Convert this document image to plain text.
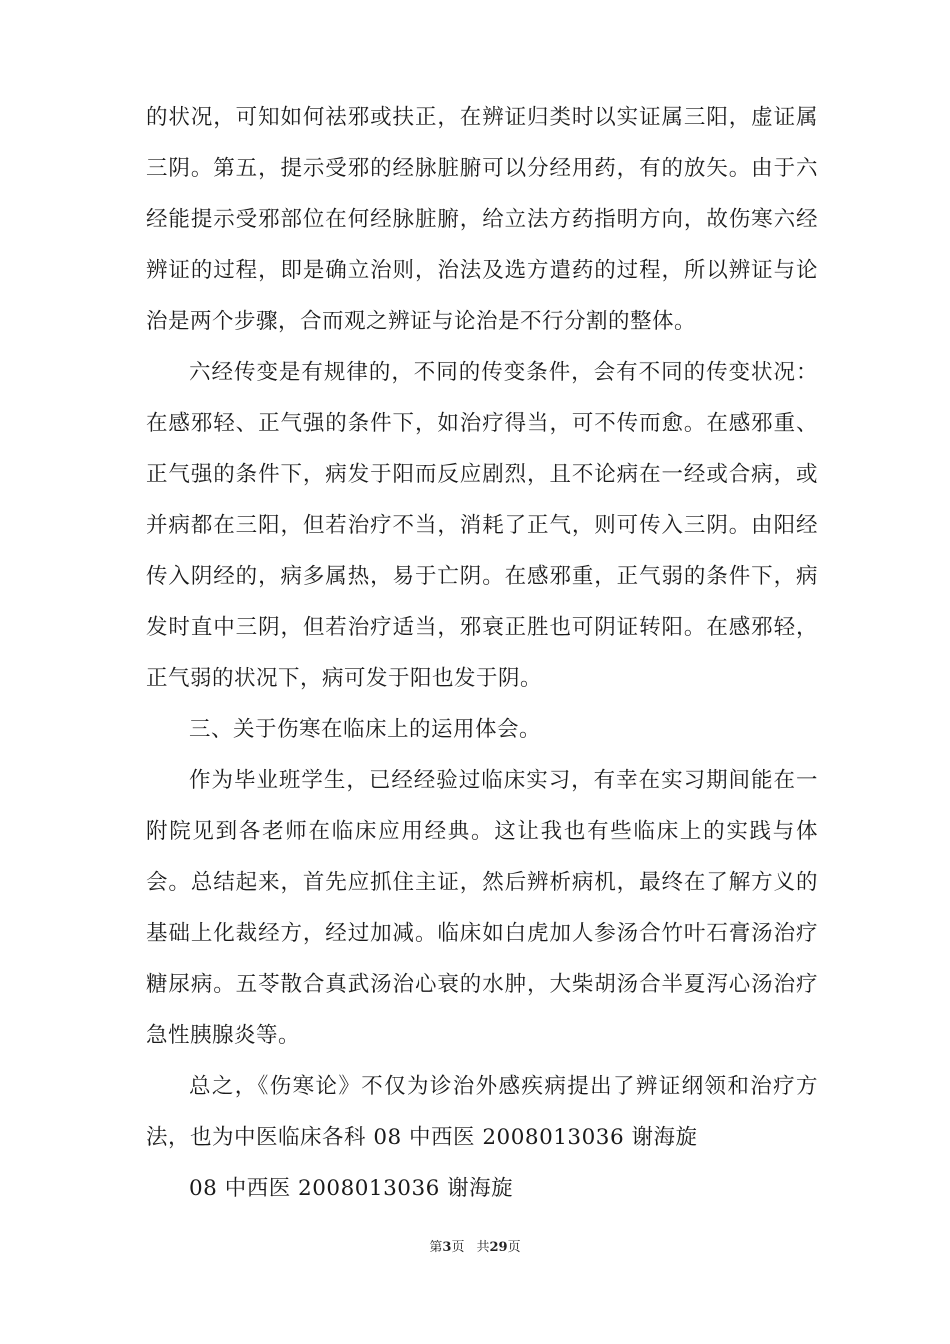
的状况，可知如何祛邪或扶正，在辨证归类时以实证属三阳，虚证属三阴。第五，提示受邪的经脉脏腑可以分经用药，有的放矢。由于六经能提示受邪部位在何经脉脏腑，给立法方药指明方向，故伤寒六经辨证的过程，即是确立治则，治法及选方遣药的过程，所以辨证与论治是两个步骤，合而观之辨证与论治是不行分割的整体。

六经传变是有规律的，不同的传变条件，会有不同的传变状况：在感邪轻、正气强的条件下，如治疗得当，可不传而愈。在感邪重、正气强的条件下，病发于阳而反应剧烈，且不论病在一经或合病，或并病都在三阳，但若治疗不当，消耗了正气，则可传入三阴。由阳经传入阴经的，病多属热，易于亡阴。在感邪重，正气弱的条件下，病发时直中三阴，但若治疗适当，邪衰正胜也可阴证转阳。在感邪轻，正气弱的状况下，病可发于阳也发于阴。

三、关于伤寒在临床上的运用体会。

作为毕业班学生，已经经验过临床实习，有幸在实习期间能在一附院见到各老师在临床应用经典。这让我也有些临床上的实践与体会。总结起来，首先应抓住主证，然后辨析病机，最终在了解方义的基础上化裁经方，经过加减。临床如白虎加人参汤合竹叶石膏汤治疗糖尿病。五苓散合真武汤治心衰的水肿，大柴胡汤合半夏泻心汤治疗急性胰腺炎等。

总之，《伤寒论》不仅为诊治外感疾病提出了辨证纲领和治疗方法，也为中医临床各科 08 中西医 2008013036 谢海旋

08 中西医 2008013036 谢海旋

第3页 共29页
